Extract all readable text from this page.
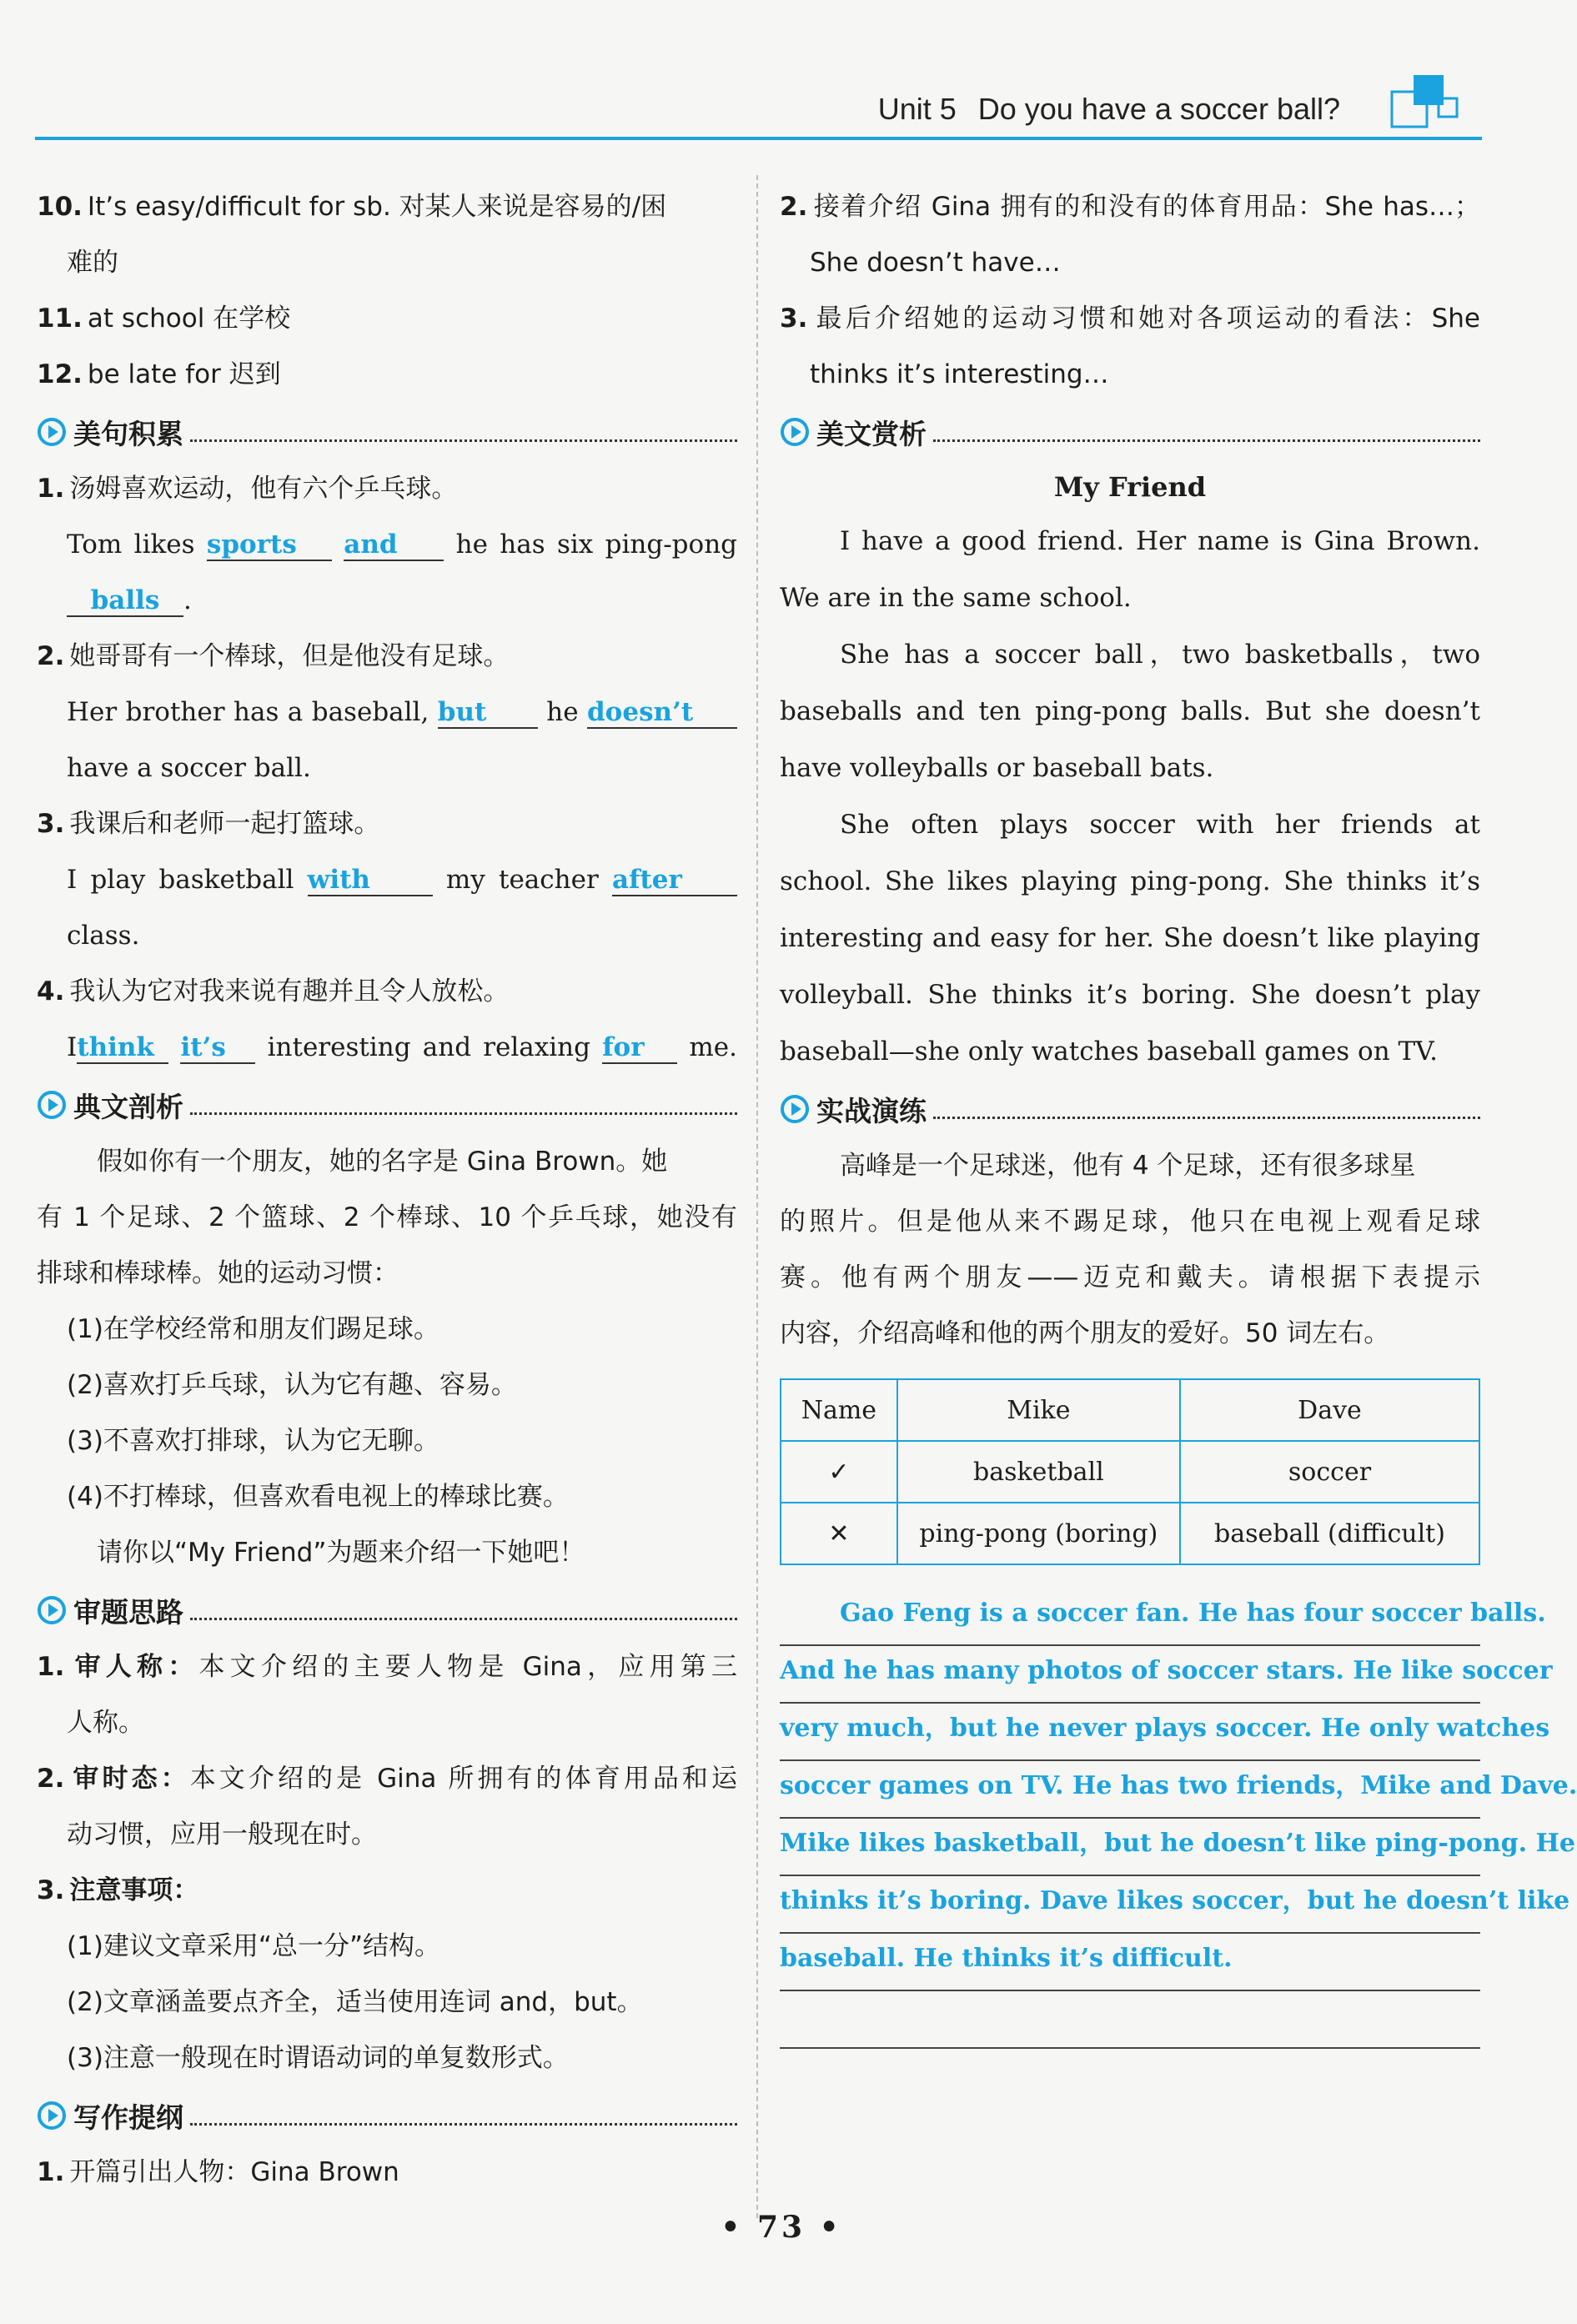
Unit 5 Do you have a soccer ball?
10. It’s easy/difficult for sb. 对某人来说是容易的/困
难的
11. at school 在学校
12. be late for 迟到
美句积累
1. 汤姆喜欢运动，他有六个乒乓球。
Tom likes sports and he has six ping-pong
balls .
2. 她哥哥有一个棒球，但是他没有足球。
Her brother has a baseball, but he doesn’t
have a soccer ball.
3. 我课后和老师一起打篮球。
I play basketball with	my teacher after
class.
4. 我认为它对我来说有趣并且令人放松。
Ithink it’s interesting and relaxing for me.
典文剖析
假如你有一个朋友，她的名字是 Gina Brown。她
有 1 个足球、2 个篮球、2 个棒球、10 个乒乓球，她没有
排球和棒球棒。她的运动习惯：
(1)在学校经常和朋友们踢足球。
(2)喜欢打乒乓球，认为它有趣、容易。
(3)不喜欢打排球，认为它无聊。
(4)不打棒球，但喜欢看电视上的棒球比赛。
请你以“My Friend”为题来介绍一下她吧！
审题思路
1. 审人称：本文介绍的主要人物是 Gina，应用第三
人称。
2. 审时态：本文介绍的是 Gina 所拥有的体育用品和运
动习惯，应用一般现在时。
3. 注意事项：
(1)建议文章采用“总一分”结构。
(2)文章涵盖要点齐全，适当使用连词 and，but。
(3)注意一般现在时谓语动词的单复数形式。
写作提纲
1. 开篇引出人物：Gina Brown
2. 接着介绍 Gina 拥有的和没有的体育用品：She has…；
She doesn’t have…
3. 最后介绍她的运动习惯和她对各项运动的看法：She
thinks it’s interesting…
美文赏析
My Friend

I have a good friend. Her name is Gina Brown. We are in the same school.

She has a soccer ball，two basketballs，two baseballs and ten ping-pong balls. But she doesn’t have volleyballs or baseball bats.

She often plays soccer with her friends at school. She likes playing ping-pong. She thinks it’s interesting and easy for her. She doesn’t like playing volleyball. She thinks it’s boring. She doesn’t play baseball—she only watches baseball games on TV.

实战演练
高峰是一个足球迷，他有 4 个足球，还有很多球星
的照片。但是他从来不踢足球，他只在电视上观看足球
赛。他有两个朋友——迈克和戴夫。请根据下表提示
内容，介绍高峰和他的两个朋友的爱好。50 词左右。
Name	Mike	Dave
✓	basketball	soccer
✕	ping-pong (boring)	baseball (difficult)
Gao Feng is a soccer fan. He has four soccer balls.
And he has many photos of soccer stars. He like soccer
very much，but he never plays soccer. He only watches
soccer games on TV. He has two friends，Mike and Dave.
Mike likes basketball，but he doesn’t like ping-pong. He
thinks it’s boring. Dave likes soccer，but he doesn’t like
baseball. He thinks it’s difficult.
• 73 •
